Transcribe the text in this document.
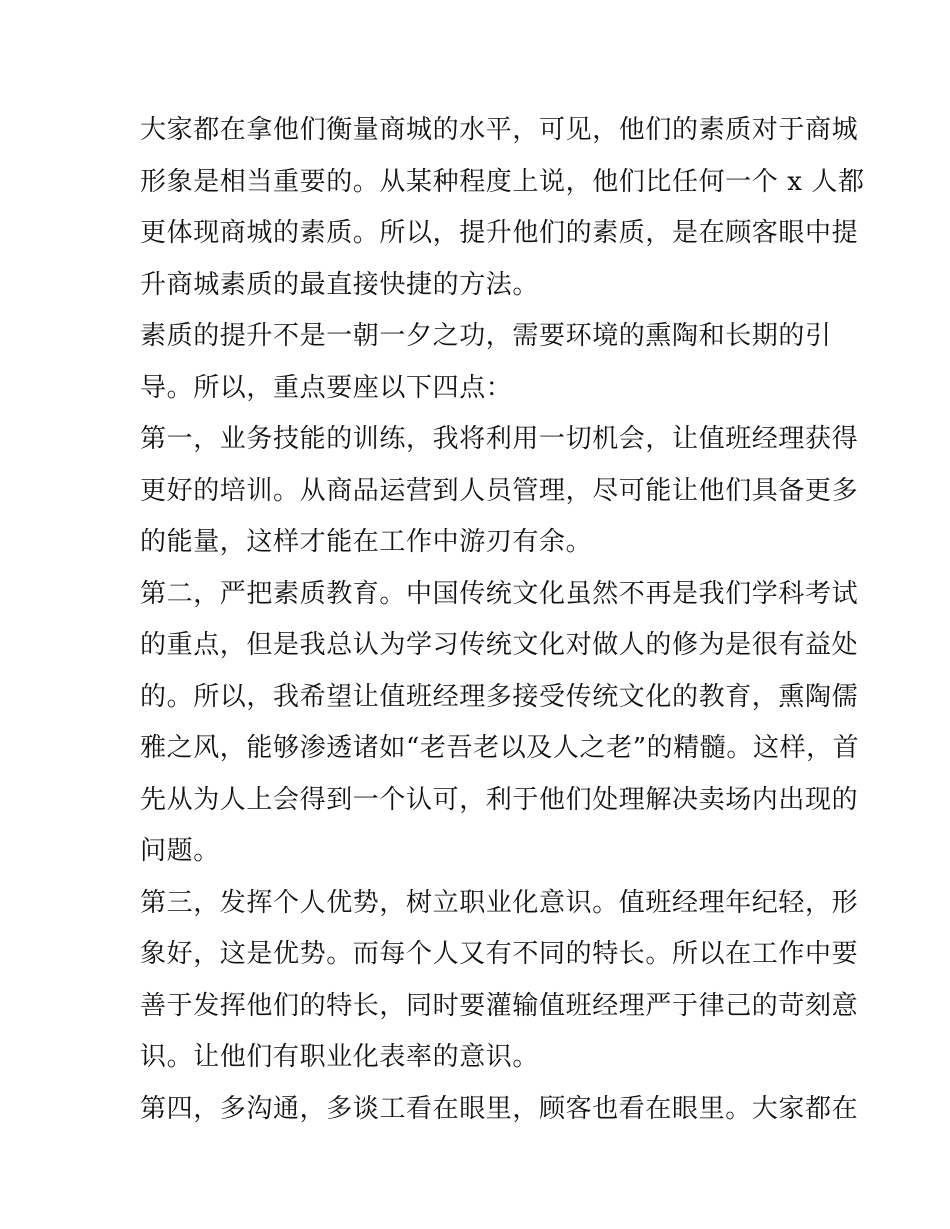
大家都在拿他们衡量商城的水平，可见，他们的素质对于商城
形象是相当重要的。从某种程度上说，他们比任何一个 x 人都
更体现商城的素质。所以，提升他们的素质，是在顾客眼中提
升商城素质的最直接快捷的方法。
素质的提升不是一朝一夕之功，需要环境的熏陶和长期的引
导。所以，重点要座以下四点：
第一，业务技能的训练，我将利用一切机会，让值班经理获得
更好的培训。从商品运营到人员管理，尽可能让他们具备更多
的能量，这样才能在工作中游刃有余。
第二，严把素质教育。中国传统文化虽然不再是我们学科考试
的重点，但是我总认为学习传统文化对做人的修为是很有益处
的。所以，我希望让值班经理多接受传统文化的教育，熏陶儒
雅之风，能够渗透诸如“老吾老以及人之老”的精髓。这样，首
先从为人上会得到一个认可，利于他们处理解决卖场内出现的
问题。
第三，发挥个人优势，树立职业化意识。值班经理年纪轻，形
象好，这是优势。而每个人又有不同的特长。所以在工作中要
善于发挥他们的特长，同时要灌输值班经理严于律己的苛刻意
识。让他们有职业化表率的意识。
第四，多沟通，多谈工看在眼里，顾客也看在眼里。大家都在
